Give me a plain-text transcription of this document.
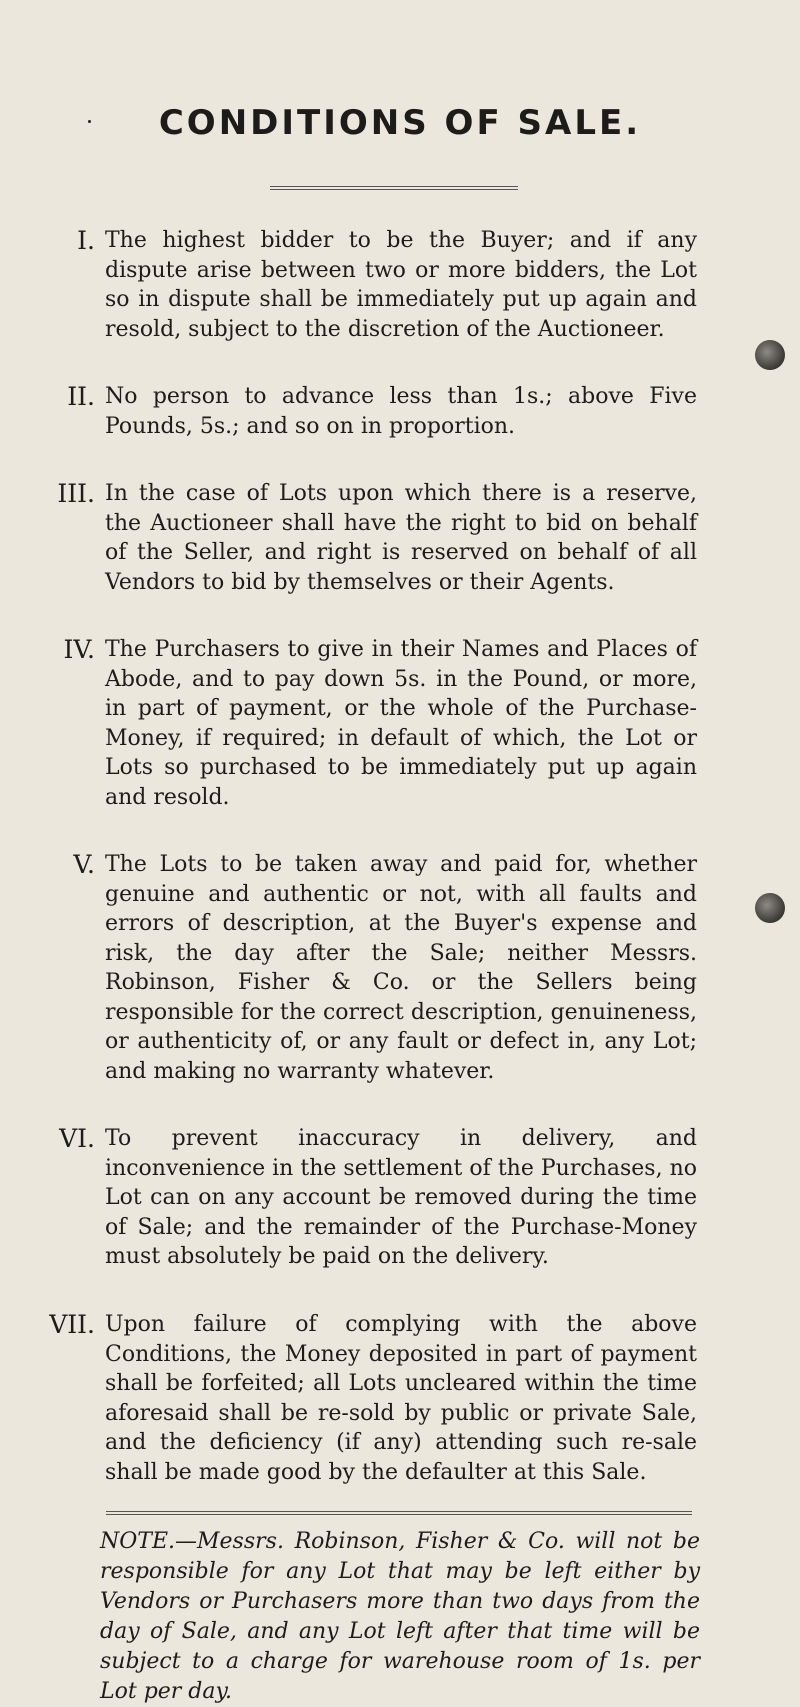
CONDITIONS OF SALE.
I. The highest bidder to be the Buyer; and if any dispute arise between two or more bidders, the Lot so in dispute shall be immediately put up again and resold, subject to the discretion of the Auctioneer.
II. No person to advance less than 1s.; above Five Pounds, 5s.; and so on in proportion.
III. In the case of Lots upon which there is a reserve, the Auctioneer shall have the right to bid on behalf of the Seller, and right is reserved on behalf of all Vendors to bid by themselves or their Agents.
IV. The Purchasers to give in their Names and Places of Abode, and to pay down 5s. in the Pound, or more, in part of payment, or the whole of the Purchase-Money, if required; in default of which, the Lot or Lots so purchased to be immediately put up again and resold.
V. The Lots to be taken away and paid for, whether genuine and authentic or not, with all faults and errors of description, at the Buyer's expense and risk, the day after the Sale; neither Messrs. Robinson, Fisher & Co. or the Sellers being responsible for the correct description, genuineness, or authenticity of, or any fault or defect in, any Lot; and making no warranty whatever.
VI. To prevent inaccuracy in delivery, and inconvenience in the settlement of the Purchases, no Lot can on any account be removed during the time of Sale; and the remainder of the Purchase-Money must absolutely be paid on the delivery.
VII. Upon failure of complying with the above Conditions, the Money deposited in part of payment shall be forfeited; all Lots uncleared within the time aforesaid shall be re-sold by public or private Sale, and the deficiency (if any) attending such re-sale shall be made good by the defaulter at this Sale.
NOTE.—Messrs. Robinson, Fisher & Co. will not be responsible for any Lot that may be left either by Vendors or Purchasers more than two days from the day of Sale, and any Lot left after that time will be subject to a charge for warehouse room of 1s. per Lot per day.
